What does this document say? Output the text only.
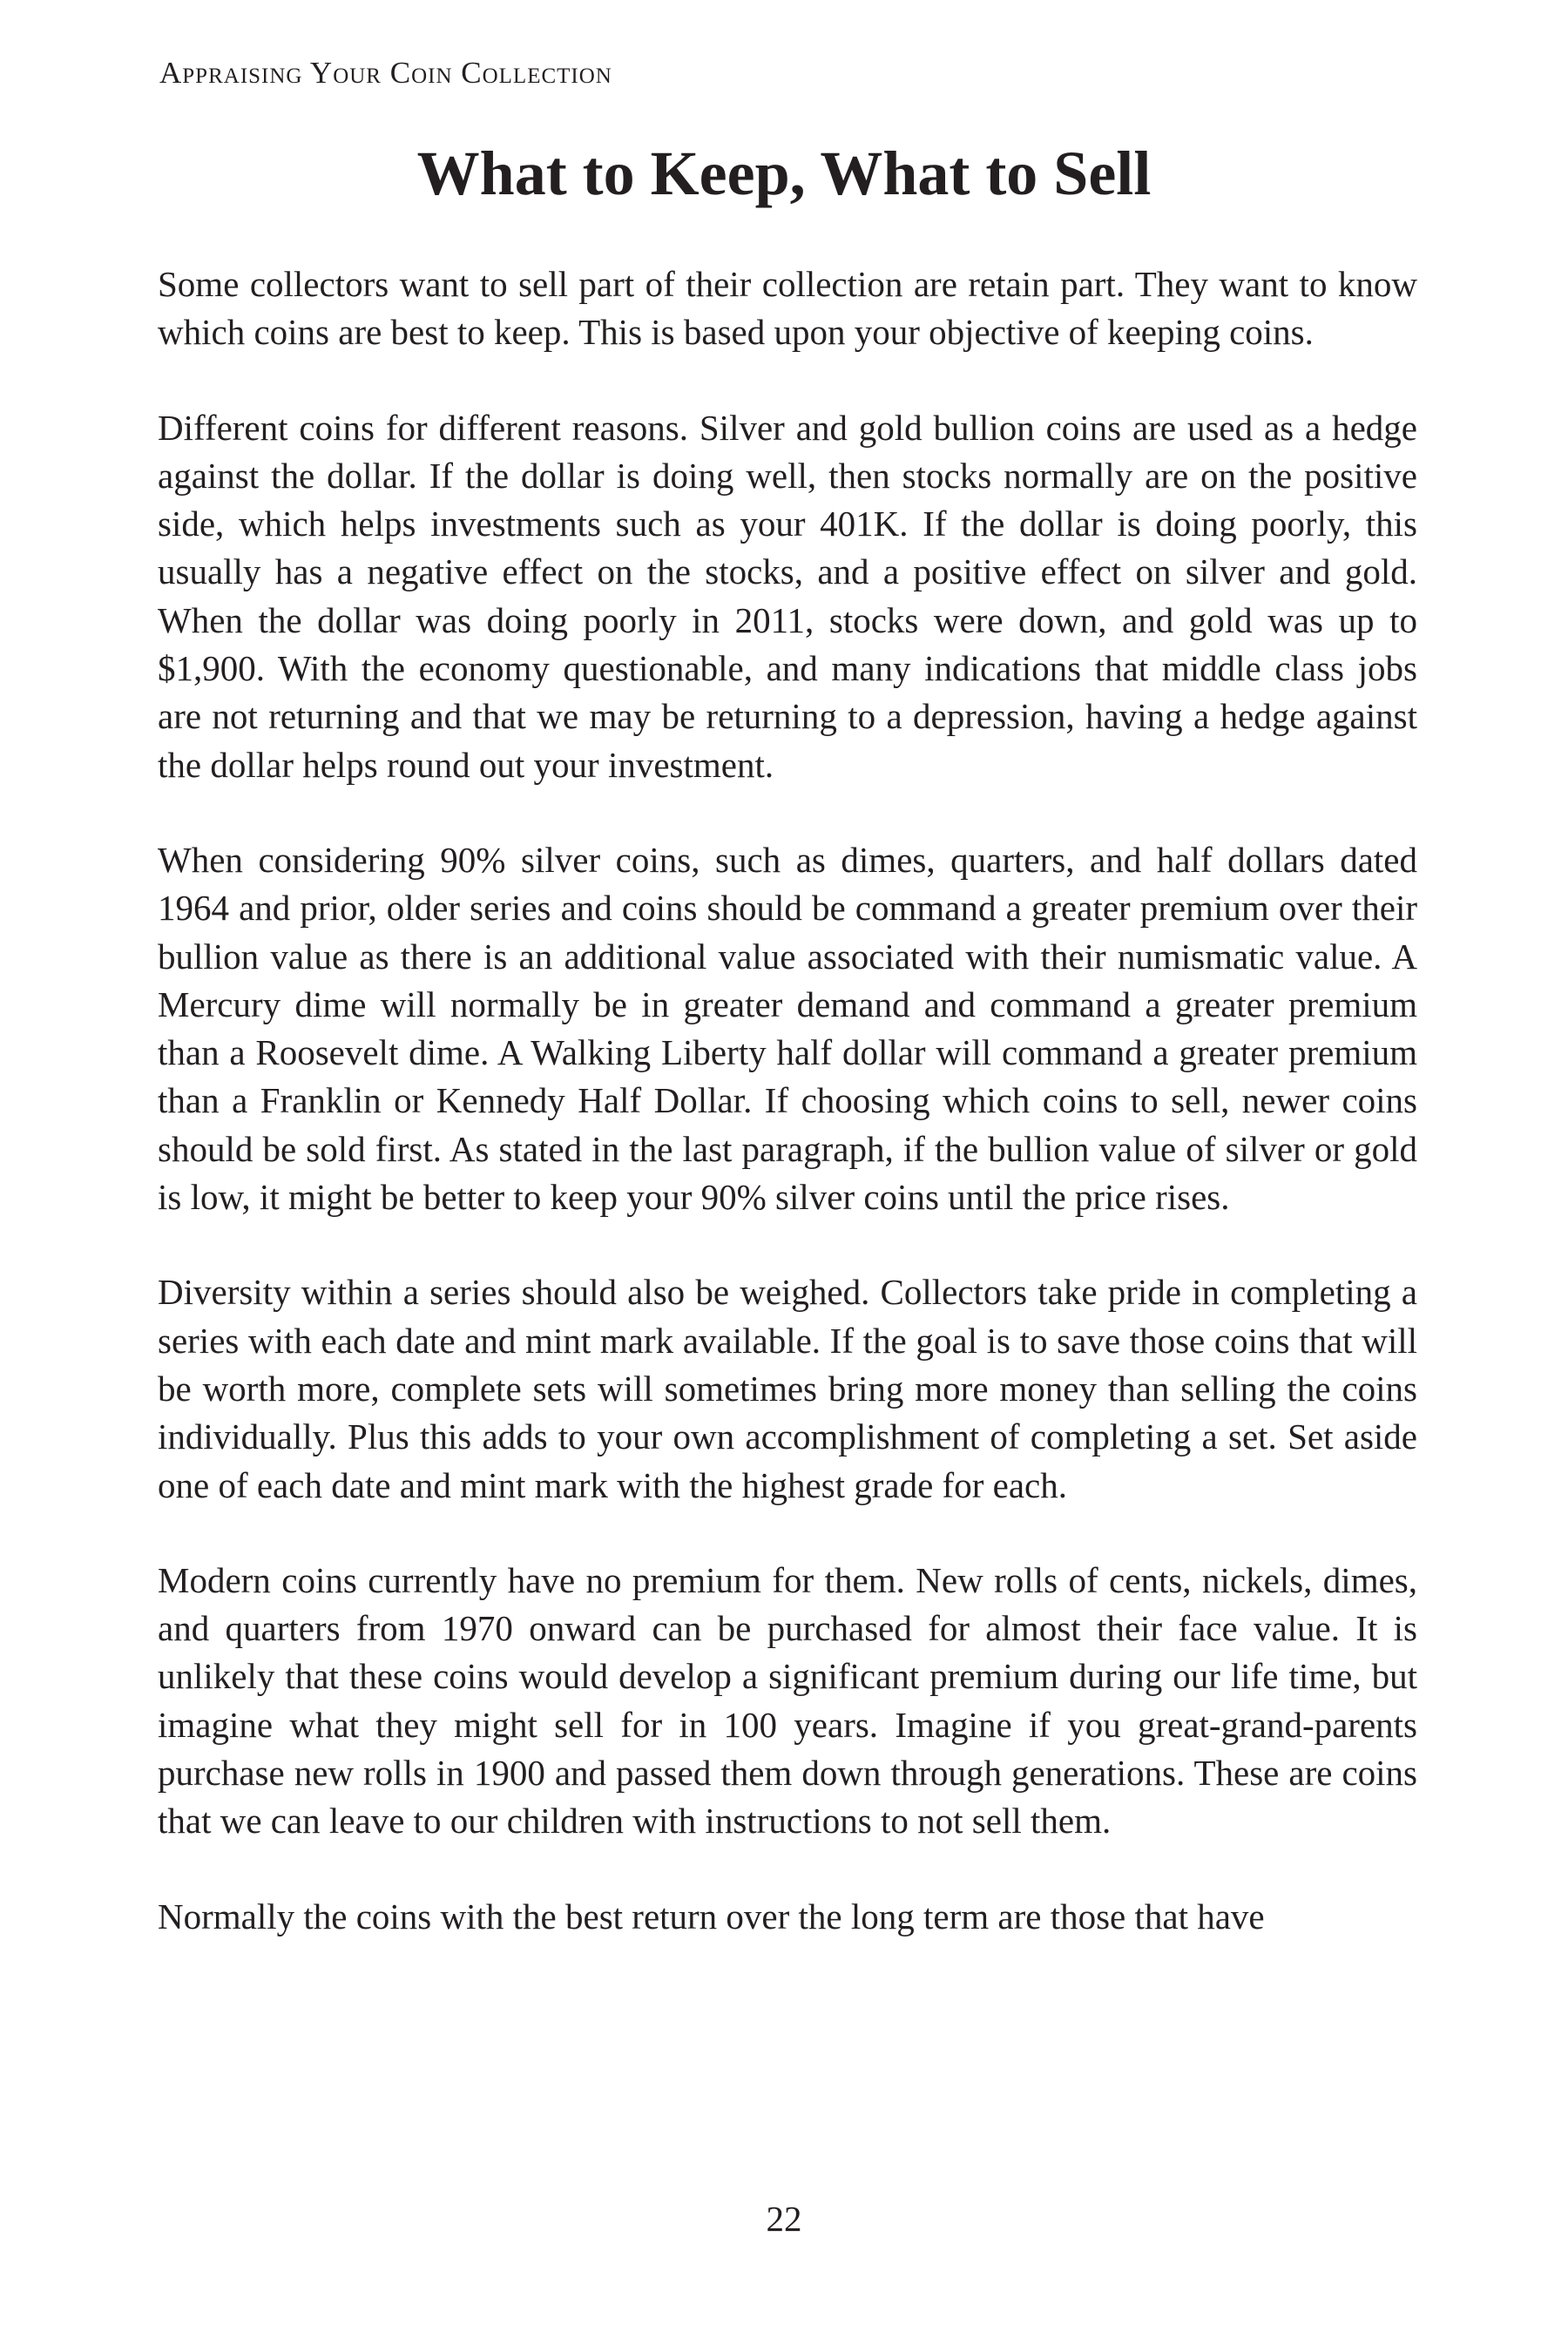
Appraising Your Coin Collection
What to Keep, What to Sell

Some collectors want to sell part of their collection are retain part. They want to know which coins are best to keep. This is based upon your objective of keeping coins.

Different coins for different reasons. Silver and gold bullion coins are used as a hedge against the dollar. If the dollar is doing well, then stocks normally are on the positive side, which helps investments such as your 401K. If the dollar is doing poorly, this usually has a negative effect on the stocks, and a positive effect on silver and gold. When the dollar was doing poorly in 2011, stocks were down, and gold was up to $1,900. With the economy questionable, and many indications that middle class jobs are not returning and that we may be returning to a depression, having a hedge against the dollar helps round out your investment.

When considering 90% silver coins, such as dimes, quarters, and half dollars dated 1964 and prior, older series and coins should be command a greater premium over their bullion value as there is an additional value associated with their numismatic value. A Mercury dime will normally be in greater demand and command a greater premium than a Roosevelt dime. A Walking Liberty half dollar will command a greater premium than a Franklin or Kennedy Half Dollar. If choosing which coins to sell, newer coins should be sold first. As stated in the last paragraph, if the bullion value of silver or gold is low, it might be better to keep your 90% silver coins until the price rises.

Diversity within a series should also be weighed. Collectors take pride in completing a series with each date and mint mark available. If the goal is to save those coins that will be worth more, complete sets will sometimes bring more money than selling the coins individually. Plus this adds to your own accomplishment of completing a set. Set aside one of each date and mint mark with the highest grade for each.

Modern coins currently have no premium for them. New rolls of cents, nickels, dimes, and quarters from 1970 onward can be purchased for almost their face value. It is unlikely that these coins would develop a significant premium during our life time, but imagine what they might sell for in 100 years. Imagine if you great-grand-parents purchase new rolls in 1900 and passed them down through generations. These are coins that we can leave to our children with instructions to not sell them.

Normally the coins with the best return over the long term are those that have

22
